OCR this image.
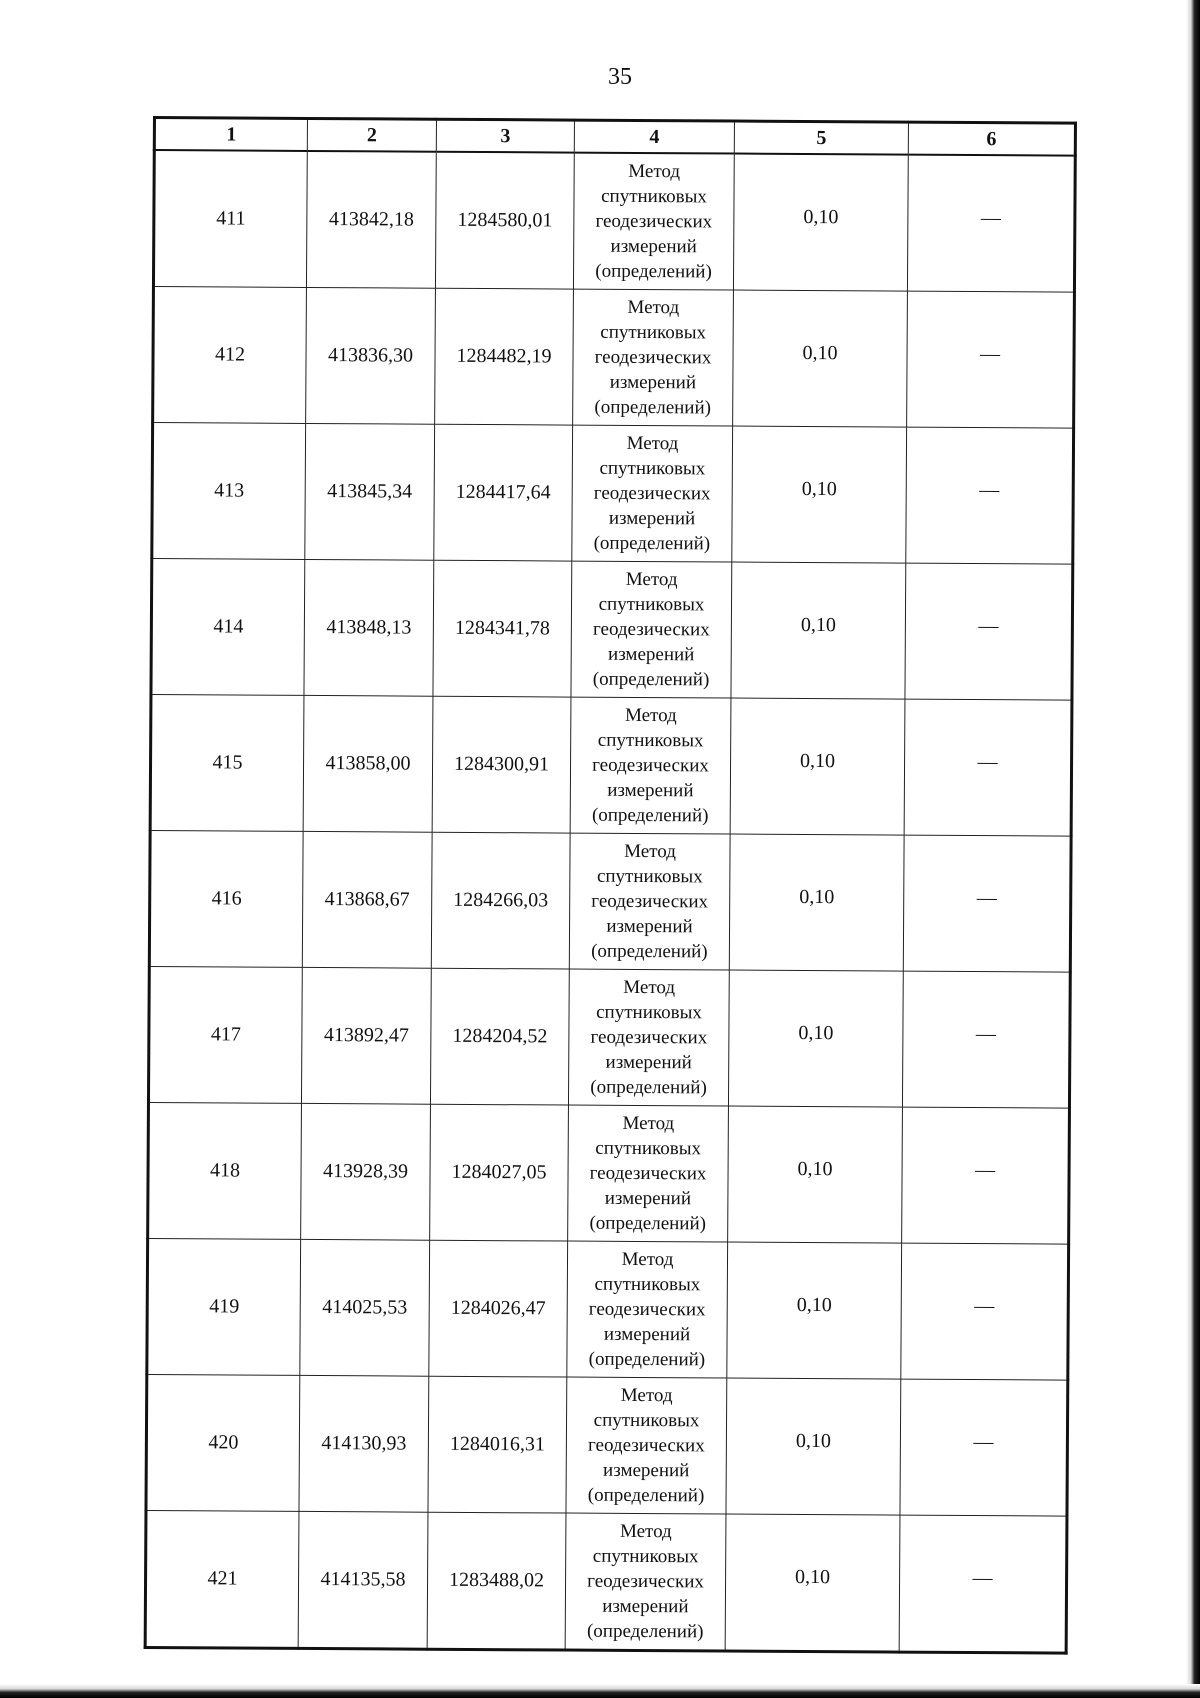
35
1	2	3	4	5	6
411	413842,18	1284580,01	Метод
спутниковых
геодезических
измерений
(определений)	0,10	—
412	413836,30	1284482,19	Метод
спутниковых
геодезических
измерений
(определений)	0,10	—
413	413845,34	1284417,64	Метод
спутниковых
геодезических
измерений
(определений)	0,10	—
414	413848,13	1284341,78	Метод
спутниковых
геодезических
измерений
(определений)	0,10	—
415	413858,00	1284300,91	Метод
спутниковых
геодезических
измерений
(определений)	0,10	—
416	413868,67	1284266,03	Метод
спутниковых
геодезических
измерений
(определений)	0,10	—
417	413892,47	1284204,52	Метод
спутниковых
геодезических
измерений
(определений)	0,10	—
418	413928,39	1284027,05	Метод
спутниковых
геодезических
измерений
(определений)	0,10	—
419	414025,53	1284026,47	Метод
спутниковых
геодезических
измерений
(определений)	0,10	—
420	414130,93	1284016,31	Метод
спутниковых
геодезических
измерений
(определений)	0,10	—
421	414135,58	1283488,02	Метод
спутниковых
геодезических
измерений
(определений)	0,10	—
